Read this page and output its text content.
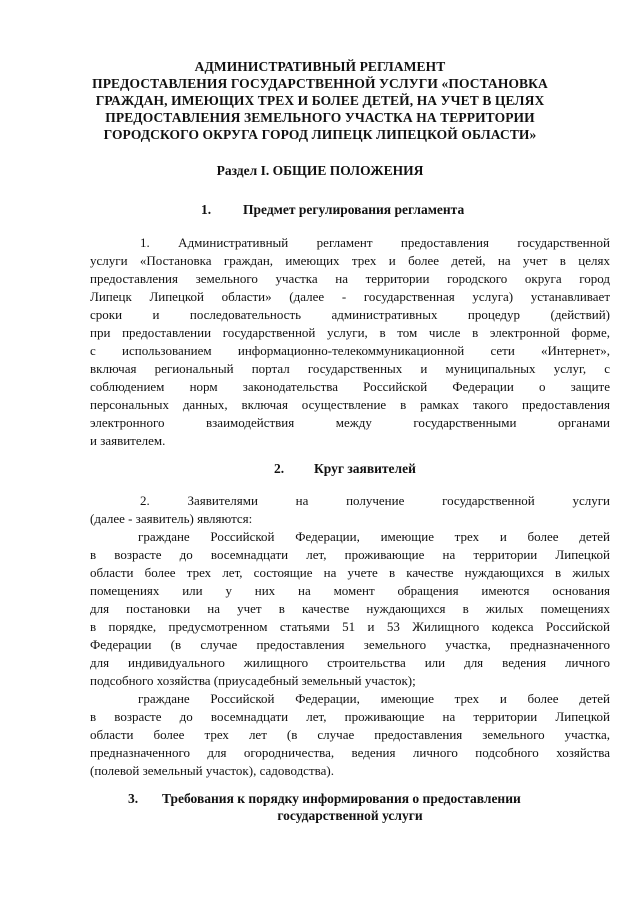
АДМИНИСТРАТИВНЫЙ РЕГЛАМЕНТ
ПРЕДОСТАВЛЕНИЯ ГОСУДАРСТВЕННОЙ УСЛУГИ «ПОСТАНОВКА
ГРАЖДАН, ИМЕЮЩИХ ТРЕХ И БОЛЕЕ ДЕТЕЙ, НА УЧЕТ В ЦЕЛЯХ
ПРЕДОСТАВЛЕНИЯ ЗЕМЕЛЬНОГО УЧАСТКА НА ТЕРРИТОРИИ
ГОРОДСКОГО ОКРУГА ГОРОД ЛИПЕЦК ЛИПЕЦКОЙ ОБЛАСТИ»
Раздел I. ОБЩИЕ ПОЛОЖЕНИЯ
1. Предмет регулирования регламента
1. Административный регламент предоставления государственной
услуги «Постановка граждан, имеющих трех и более детей, на учет в целях
предоставления земельного участка на территории городского округа город
Липецк Липецкой области» (далее - государственная услуга) устанавливает
сроки и последовательность административных процедур (действий)
при предоставлении государственной услуги, в том числе в электронной форме,
с использованием информационно-телекоммуникационной сети «Интернет»,
включая региональный портал государственных и муниципальных услуг, с
соблюдением норм законодательства Российской Федерации о защите
персональных данных, включая осуществление в рамках такого предоставления
электронного взаимодействия между государственными органами
и заявителем.
2. Круг заявителей
2. Заявителями на получение государственной услуги
(далее - заявитель) являются:
граждане Российской Федерации, имеющие трех и более детей
в возрасте до восемнадцати лет, проживающие на территории Липецкой
области более трех лет, состоящие на учете в качестве нуждающихся в жилых
помещениях или у них на момент обращения имеются основания
для постановки на учет в качестве нуждающихся в жилых помещениях
в порядке, предусмотренном статьями 51 и 53 Жилищного кодекса Российской
Федерации (в случае предоставления земельного участка, предназначенного
для индивидуального жилищного строительства или для ведения личного
подсобного хозяйства (приусадебный земельный участок);
граждане Российской Федерации, имеющие трех и более детей
в возрасте до восемнадцати лет, проживающие на территории Липецкой
области более трех лет (в случае предоставления земельного участка,
предназначенного для огородничества, ведения личного подсобного хозяйства
(полевой земельный участок), садоводства).
3. Требования к порядку информирования о предоставлении
государственной услуги
